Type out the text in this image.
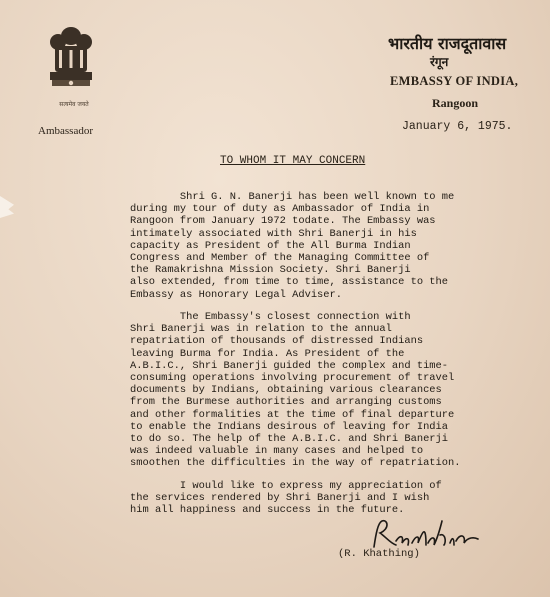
सत्यमेव जयते
Ambassador
भारतीय राजदूतावास
रंगून
EMBASSY OF INDIA,
Rangoon
January 6, 1975.
TO WHOM IT MAY CONCERN
Shri G. N. Banerji has been well known to me
during my tour of duty as Ambassador of India in
Rangoon from January 1972 todate. The Embassy was
intimately associated with Shri Banerji in his
capacity as President of the All Burma Indian
Congress and Member of the Managing Committee of
the Ramakrishna Mission Society. Shri Banerji
also extended, from time to time, assistance to the
Embassy as Honorary Legal Adviser.
The Embassy's closest connection with
Shri Banerji was in relation to the annual
repatriation of thousands of distressed Indians
leaving Burma for India. As President of the
A.B.I.C., Shri Banerji guided the complex and time-
consuming operations involving procurement of travel
documents by Indians, obtaining various clearances
from the Burmese authorities and arranging customs
and other formalities at the time of final departure
to enable the Indians desirous of leaving for India
to do so. The help of the A.B.I.C. and Shri Banerji
was indeed valuable in many cases and helped to
smoothen the difficulties in the way of repatriation.
I would like to express my appreciation of
the services rendered by Shri Banerji and I wish
him all happiness and success in the future.
(R. Khathing)
